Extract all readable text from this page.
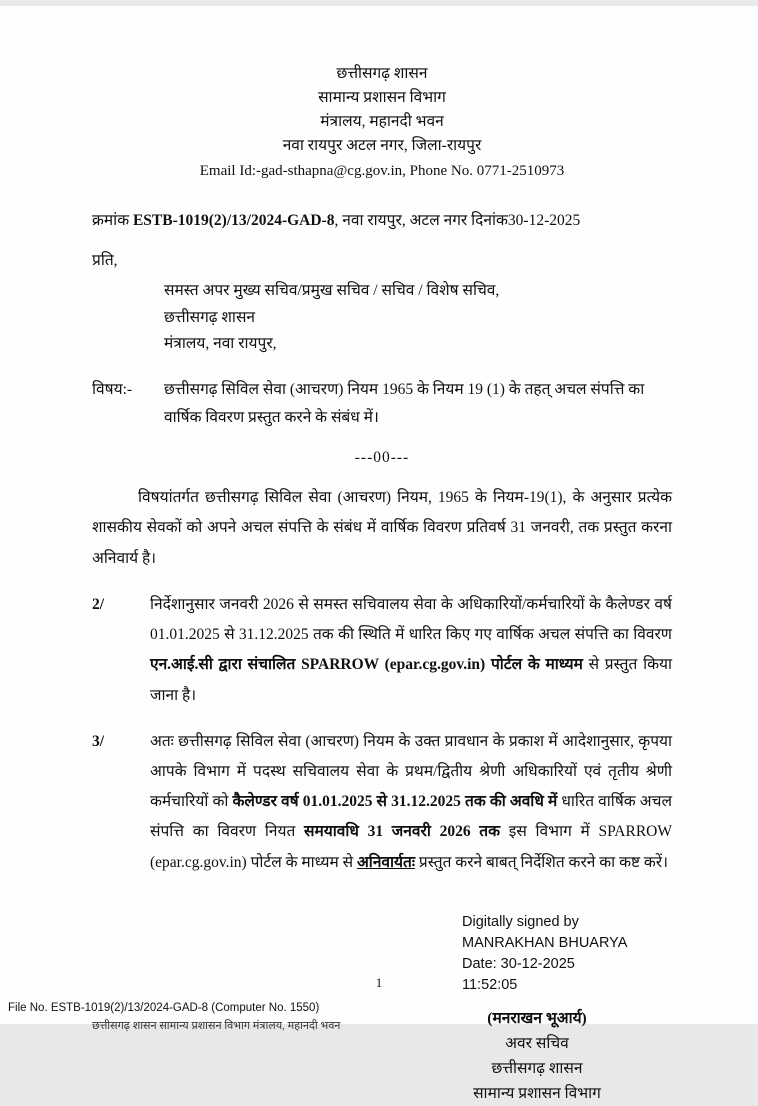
छत्तीसगढ़ शासन
सामान्य प्रशासन विभाग
मंत्रालय, महानदी भवन
नवा रायपुर अटल नगर, जिला-रायपुर
Email Id:-gad-sthapna@cg.gov.in, Phone No. 0771-2510973
क्रमांक ESTB-1019(2)/13/2024-GAD-8, नवा रायपुर, अटल नगर दिनांक30-12-2025
प्रति,
समस्त अपर मुख्य सचिव/प्रमुख सचिव / सचिव / विशेष सचिव,
छत्तीसगढ़ शासन
मंत्रालय, नवा रायपुर,
विषय:-	छत्तीसगढ़ सिविल सेवा (आचरण) नियम 1965 के नियम 19 (1) के तहत् अचल संपत्ति का वार्षिक विवरण प्रस्तुत करने के संबंध में।
---00---
विषयांतर्गत छत्तीसगढ़ सिविल सेवा (आचरण) नियम, 1965 के नियम-19(1), के अनुसार प्रत्येक शासकीय सेवकों को अपने अचल संपत्ति के संबंध में वार्षिक विवरण प्रतिवर्ष 31 जनवरी, तक प्रस्तुत करना अनिवार्य है।
2/	निर्देशानुसार जनवरी 2026 से समस्त सचिवालय सेवा के अधिकारियों/कर्मचारियों के कैलेण्डर वर्ष 01.01.2025 से 31.12.2025 तक की स्थिति में धारित किए गए वार्षिक अचल संपत्ति का विवरण एन.आई.सी द्वारा संचालित SPARROW (epar.cg.gov.in) पोर्टल के माध्यम से प्रस्तुत किया जाना है।
3/	अतः छत्तीसगढ़ सिविल सेवा (आचरण) नियम के उक्त प्रावधान के प्रकाश में आदेशानुसार, कृपया आपके विभाग में पदस्थ सचिवालय सेवा के प्रथम/द्वितीय श्रेणी अधिकारियों एवं तृतीय श्रेणी कर्मचारियों को कैलेण्डर वर्ष 01.01.2025 से 31.12.2025 तक की अवधि में धारित वार्षिक अचल संपत्ति का विवरण नियत समयावधि 31 जनवरी 2026 तक इस विभाग में SPARROW (epar.cg.gov.in) पोर्टल के माध्यम से अनिवार्यतः प्रस्तुत करने बाबत् निर्देशित करने का कष्ट करें।
Digitally signed by
MANRAKHAN BHUARYA
Date: 30-12-2025
11:52:05
(मनराखन भूआर्य)
अवर सचिव
छत्तीसगढ़ शासन
सामान्य प्रशासन विभाग
1
File No. ESTB-1019(2)/13/2024-GAD-8 (Computer No. 1550)
छत्तीसगढ़ शासन सामान्य प्रशासन विभाग मंत्रालय, महानदी भवन
